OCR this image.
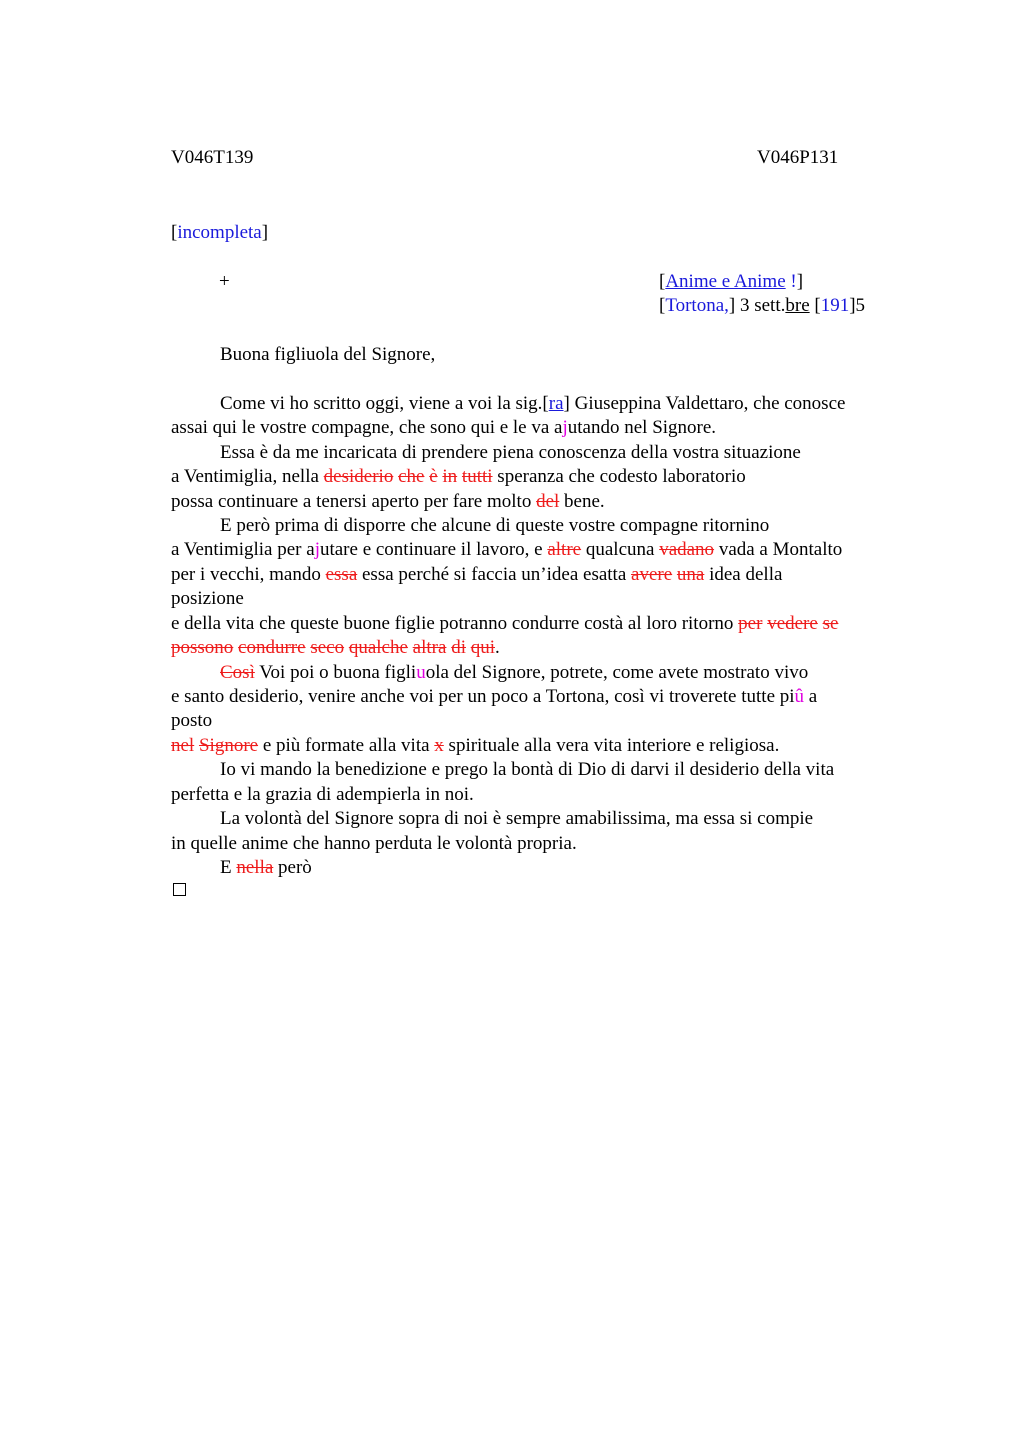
V046T139	V046P131
[incompleta]
+	[Anime e Anime !]
[Tortona,] 3 sett.bre [191]5
Buona figliuola del Signore,
Come vi ho scritto oggi, viene a voi la sig.[ra] Giuseppina Valdettaro, che conosce
assai qui le vostre compagne, che sono qui e le va ajutando nel Signore.
Essa è da me incaricata di prendere piena conoscenza della vostra situazione
a Ventimiglia, nella desiderio che è in tutti speranza che codesto laboratorio
possa continuare a tenersi aperto per fare molto del bene.
E però prima di disporre che alcune di queste vostre compagne ritornino
a Ventimiglia per ajutare e continuare il lavoro, e altre qualcuna vadano vada a Montalto
per i vecchi, mando essa essa perché si faccia un’idea esatta avere una idea della
posizione
e della vita che queste buone figlie potranno condurre costà al loro ritorno per vedere se
possono condurre seco qualche altra di qui.
Così Voi poi o buona figliuola del Signore, potrete, come avete mostrato vivo
e santo desiderio, venire anche voi per un poco a Tortona, così vi troverete tutte piû a
posto
nel Signore e più formate alla vita x spirituale alla vera vita interiore e religiosa.
Io vi mando la benedizione e prego la bontà di Dio di darvi il desiderio della vita
perfetta e la grazia di adempierla in noi.
La volontà del Signore sopra di noi è sempre amabilissima, ma essa si compie
in quelle anime che hanno perduta le volontà propria.
E nella però
